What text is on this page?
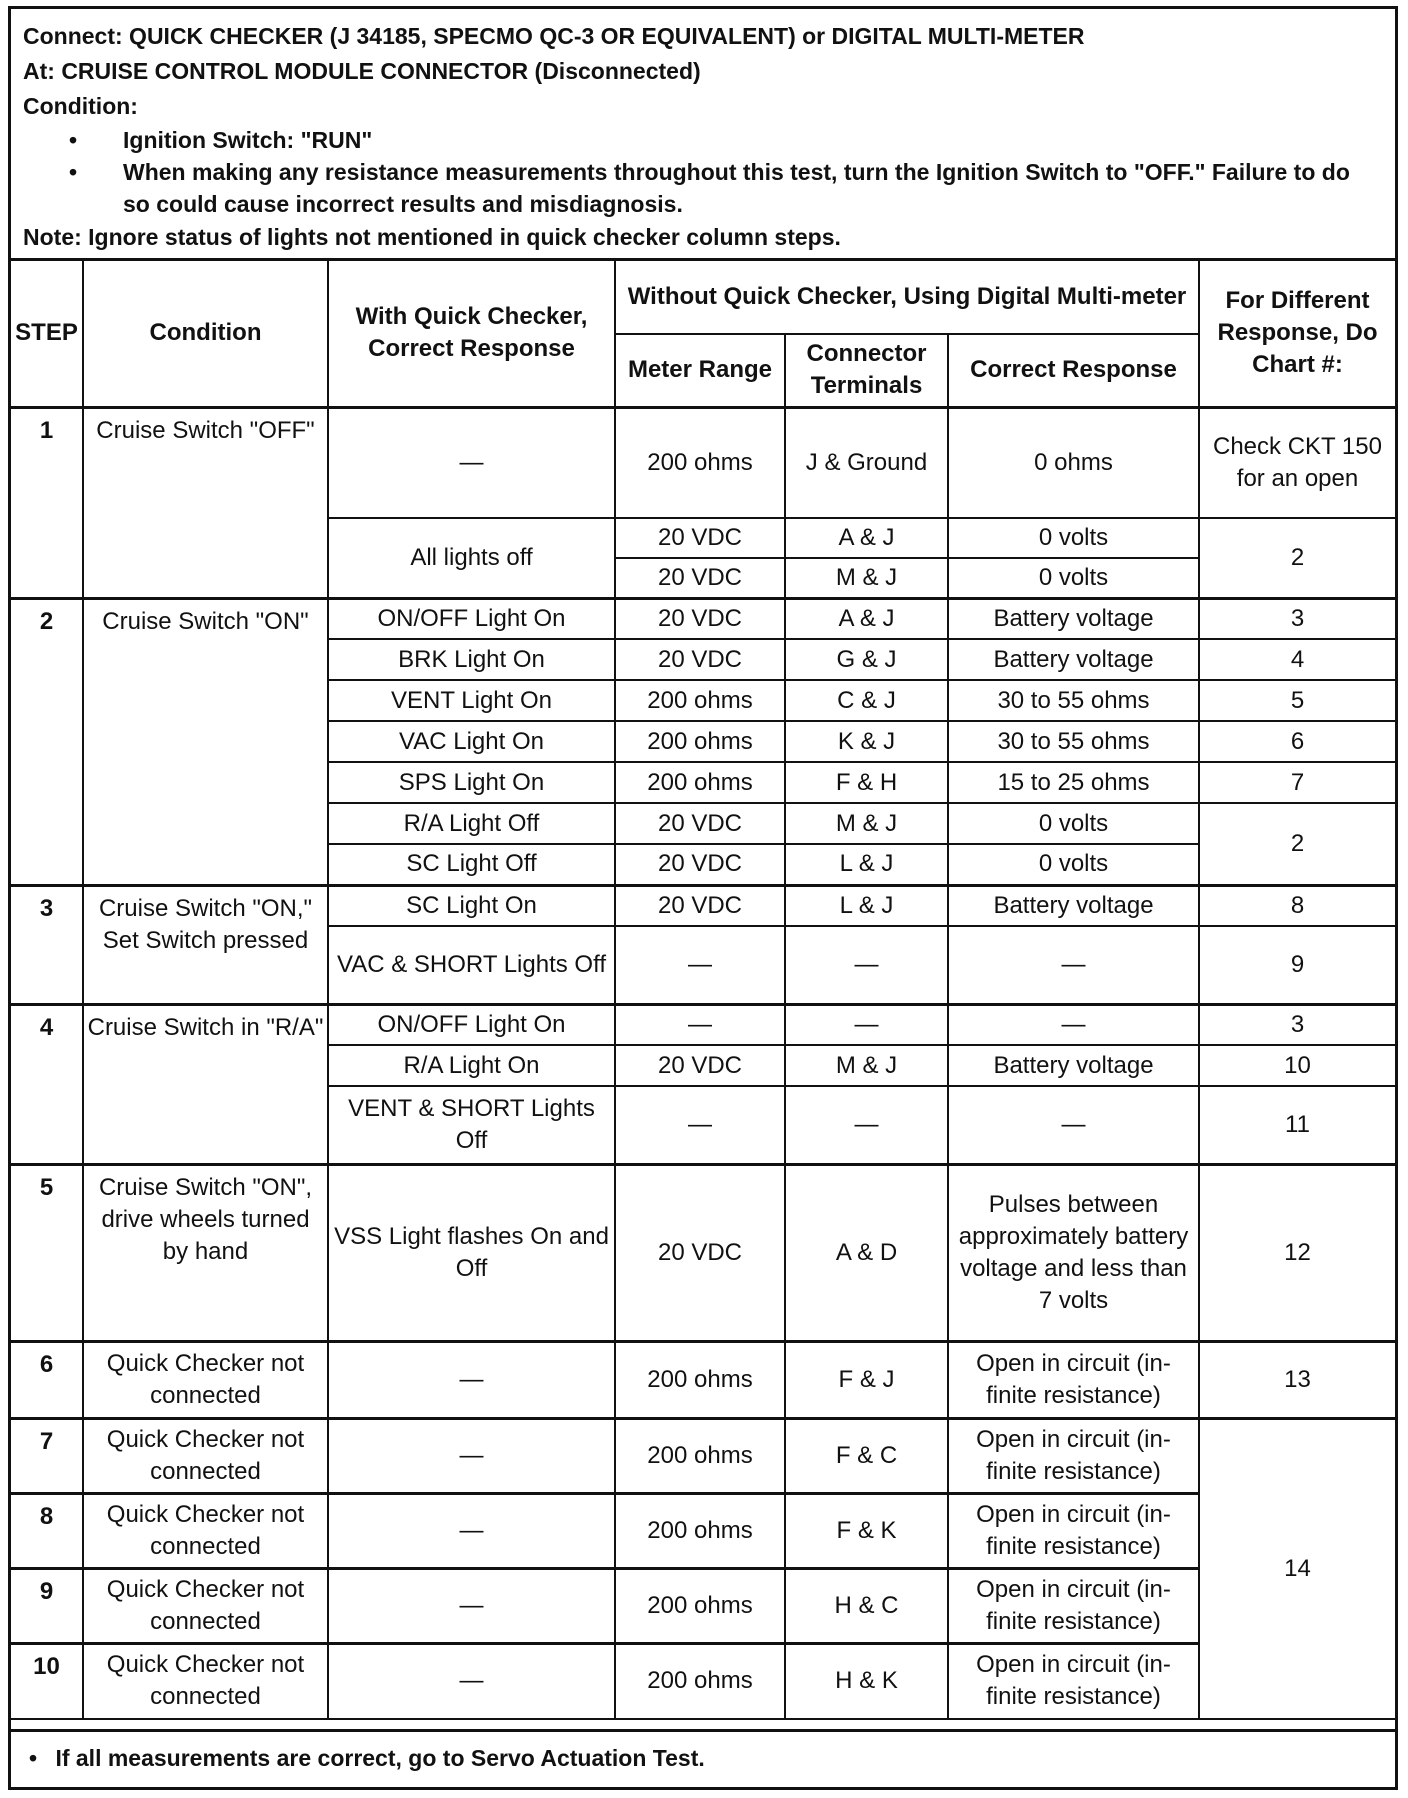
Connect: QUICK CHECKER (J 34185, SPECMO QC-3 OR EQUIVALENT) or DIGITAL MULTI-METER
At: CRUISE CONTROL MODULE CONNECTOR (Disconnected)
Condition:
• Ignition Switch: "RUN"
• When making any resistance measurements throughout this test, turn the Ignition Switch to "OFF." Failure to do so could cause incorrect results and misdiagnosis.
Note: Ignore status of lights not mentioned in quick checker column steps.
STEP	Condition	With Quick Checker, Correct Response	Without Quick Checker, Using Digital Multi-meter			For Different Response, Do Chart #:
			Meter Range	Connector Terminals	Correct Response	
1	Cruise Switch "OFF"	—	200 ohms	J & Ground	0 ohms	Check CKT 150 for an open
		All lights off	20 VDC	A & J	0 volts	2
			20 VDC	M & J	0 volts	
2	Cruise Switch "ON"	ON/OFF Light On	20 VDC	A & J	Battery voltage	3
		BRK Light On	20 VDC	G & J	Battery voltage	4
		VENT Light On	200 ohms	C & J	30 to 55 ohms	5
		VAC Light On	200 ohms	K & J	30 to 55 ohms	6
		SPS Light On	200 ohms	F & H	15 to 25 ohms	7
		R/A Light Off	20 VDC	M & J	0 volts	2
		SC Light Off	20 VDC	L & J	0 volts	
3	Cruise Switch "ON," Set Switch pressed	SC Light On	20 VDC	L & J	Battery voltage	8
		VAC & SHORT Lights Off	—	—	—	9
4	Cruise Switch in "R/A"	ON/OFF Light On	—	—	—	3
		R/A Light On	20 VDC	M & J	Battery voltage	10
		VENT & SHORT Lights Off	—	—	—	11
5	Cruise Switch "ON", drive wheels turned by hand	VSS Light flashes On and Off	20 VDC	A & D	Pulses between approximately battery voltage and less than 7 volts	12
6	Quick Checker not connected	—	200 ohms	F & J	Open in circuit (in-finite resistance)	13
7	Quick Checker not connected	—	200 ohms	F & C	Open in circuit (in-finite resistance)	14
8	Quick Checker not connected	—	200 ohms	F & K	Open in circuit (in-finite resistance)	
9	Quick Checker not connected	—	200 ohms	H & C	Open in circuit (in-finite resistance)	
10	Quick Checker not connected	—	200 ohms	H & K	Open in circuit (in-finite resistance)	
• If all measurements are correct, go to Servo Actuation Test.
